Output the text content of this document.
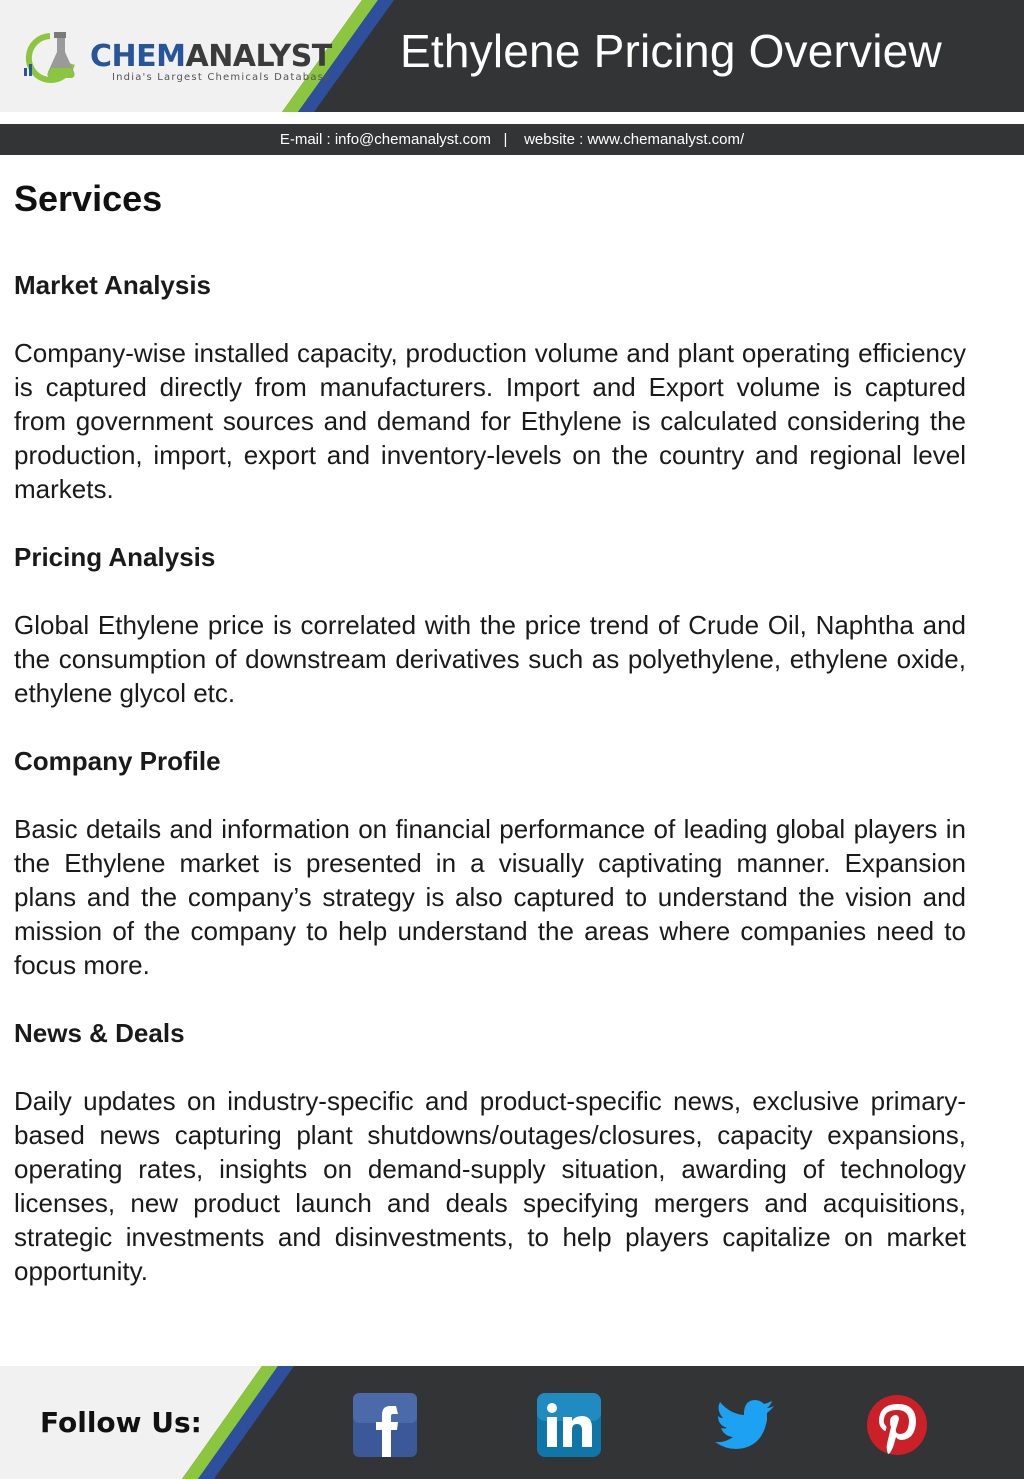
CHEMANALYST
India's Largest Chemicals Database
Ethylene Pricing Overview
E-mail : info@chemanalyst.com | website : www.chemanalyst.com/
Services
Market Analysis

Company-wise installed capacity, production volume and plant operating efficiency is captured directly from manufacturers. Import and Export volume is captured from government sources and demand for Ethylene is calculated considering the production, import, export and inventory-levels on the country and regional level markets.

Pricing Analysis

Global Ethylene price is correlated with the price trend of Crude Oil, Naphtha and the consumption of downstream derivatives such as polyethylene, ethylene oxide, ethylene glycol etc.

Company Profile

Basic details and information on financial performance of leading global players in the Ethylene market is presented in a visually captivating manner. Expansion plans and the company’s strategy is also captured to understand the vision and mission of the company to help understand the areas where companies need to focus more.

News & Deals

Daily updates on industry-specific and product-specific news, exclusive primary-based news capturing plant shutdowns/outages/closures, capacity expansions, operating rates, insights on demand-supply situation, awarding of technology licenses, new product launch and deals specifying mergers and acquisitions, strategic investments and disinvestments, to help players capitalize on market opportunity.

Follow Us:
